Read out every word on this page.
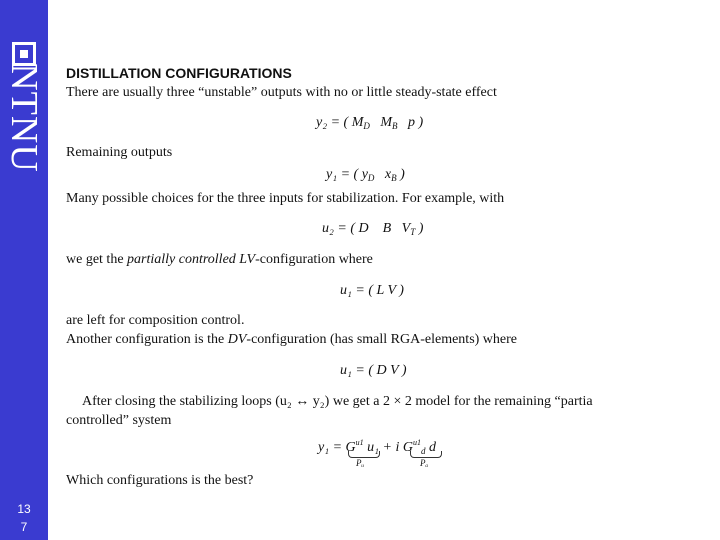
NTNU
13
7
DISTILLATION CONFIGURATIONS
There are usually three “unstable” outputs with no or little steady-state effect
y₂ = ( $M_D$ $M_B$ p )
Remaining outputs
y₁ = ( $y_D$ $x_B$ )
Many possible choices for the three inputs for stabilization. For example, with
u₂ = ( D B $V_T$ )
we get the partially controlled LV-configuration where
u₁ = ( L V )
are left for composition control.
Another configuration is the DV-configuration (has small RGA-elements) where
u₁ = ( D V )
After closing the stabilizing loops (u₂ ↔ y₂) we get a 2 × 2 model for the remaining “partia
controlled” system
$y_1 = G^{u1}$ u₁ + i $G^{u1}_d$ d
Pᵤ	Pₐ
Which configurations is the best?
